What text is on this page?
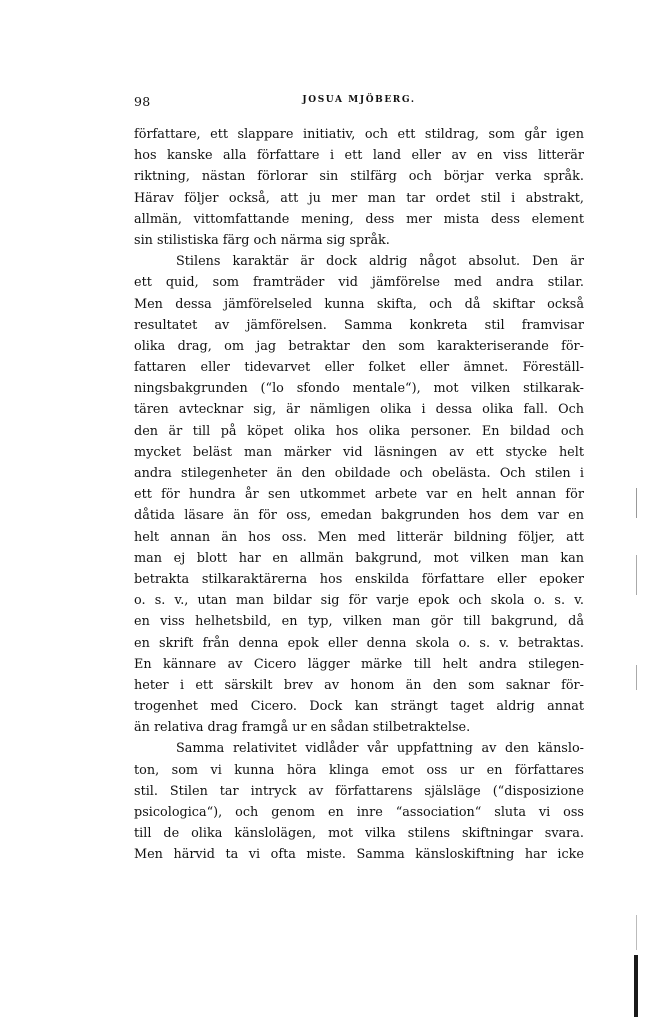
98	JOSUA MJÖBERG.
författare, ett slappare initiativ, och ett stildrag, som går igen
hos kanske alla författare i ett land eller av en viss litterär
riktning, nästan förlorar sin stilfärg och börjar verka språk.
Härav följer också, att ju mer man tar ordet stil i abstrakt,
allmän, vittomfattande mening, dess mer mista dess element
sin stilistiska färg och närma sig språk.
Stilens karaktär är dock aldrig något absolut. Den är
ett quid, som framträder vid jämförelse med andra stilar.
Men dessa jämförelseled kunna skifta, och då skiftar också
resultatet av jämförelsen. Samma konkreta stil framvisar
olika drag, om jag betraktar den som karakteriserande för-
fattaren eller tidevarvet eller folket eller ämnet. Föreställ-
ningsbakgrunden (“lo sfondo mentale“), mot vilken stilkarak-
tären avtecknar sig, är nämligen olika i dessa olika fall. Och
den är till på köpet olika hos olika personer. En bildad och
mycket beläst man märker vid läsningen av ett stycke helt
andra stilegenheter än den obildade och obelästa. Och stilen i
ett för hundra år sen utkommet arbete var en helt annan för
dåtida läsare än för oss, emedan bakgrunden hos dem var en
helt annan än hos oss. Men med litterär bildning följer, att
man ej blott har en allmän bakgrund, mot vilken man kan
betrakta stilkaraktärerna hos enskilda författare eller epoker
o. s. v., utan man bildar sig för varje epok och skola o. s. v.
en viss helhetsbild, en typ, vilken man gör till bakgrund, då
en skrift från denna epok eller denna skola o. s. v. betraktas.
En kännare av Cicero lägger märke till helt andra stilegen-
heter i ett särskilt brev av honom än den som saknar för-
trogenhet med Cicero. Dock kan strängt taget aldrig annat
än relativa drag framgå ur en sådan stilbetraktelse.
Samma relativitet vidlåder vår uppfattning av den känslo-
ton, som vi kunna höra klinga emot oss ur en författares
stil. Stilen tar intryck av författarens själsläge (“disposizione
psicologica“), och genom en inre “association“ sluta vi oss
till de olika känslolägen, mot vilka stilens skiftningar svara.
Men härvid ta vi ofta miste. Samma känsloskiftning har icke
